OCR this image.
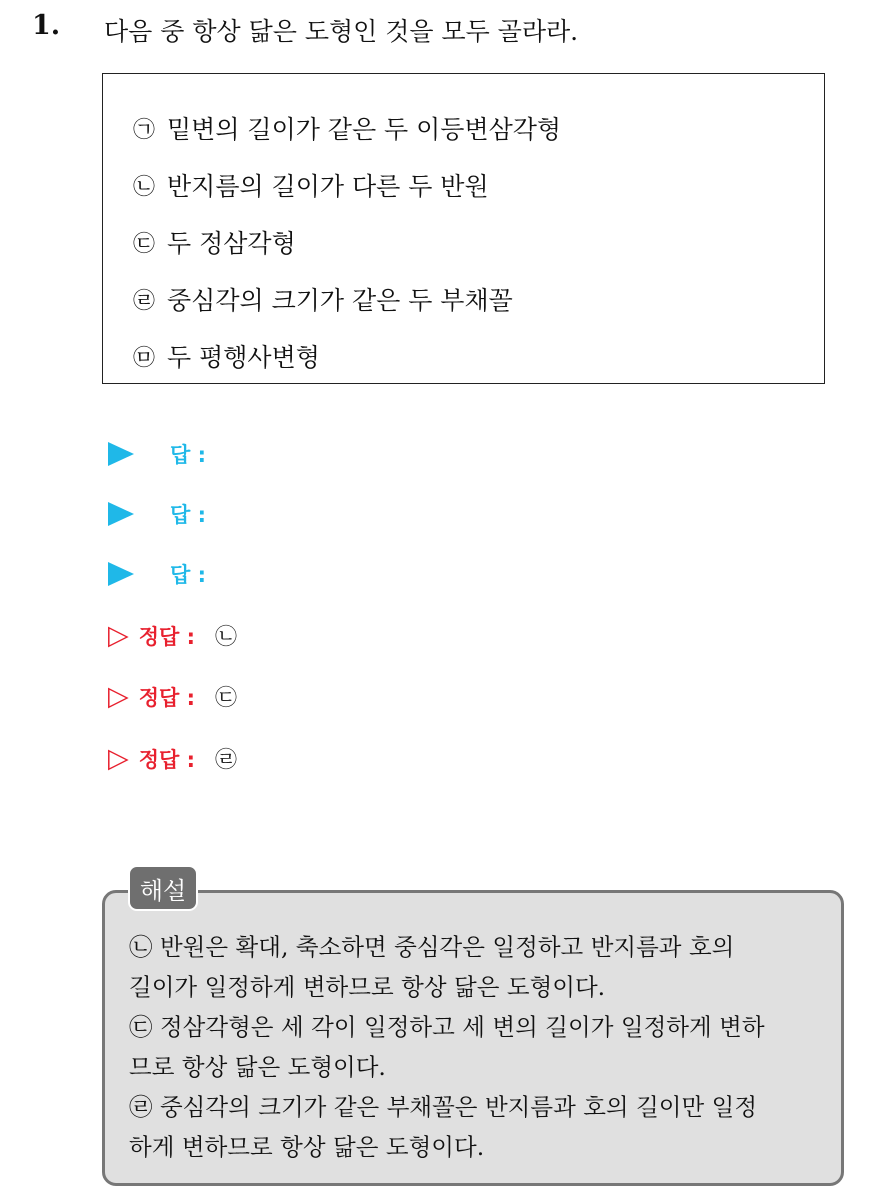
1. 다음 중 항상 닮은 도형인 것을 모두 골라라.
㉠ 밑변의 길이가 같은 두 이등변삼각형
㉡ 반지름의 길이가 다른 두 반원
㉢ 두 정삼각형
㉣ 중심각의 크기가 같은 두 부채꼴
㉤ 두 평행사변형
답 :
답 :
답 :
▷ 정답 : ㉡
▷ 정답 : ㉢
▷ 정답 : ㉣
㉡ 반원은 확대, 축소하면 중심각은 일정하고 반지름과 호의
길이가 일정하게 변하므로 항상 닮은 도형이다.
㉢ 정삼각형은 세 각이 일정하고 세 변의 길이가 일정하게 변하
므로 항상 닮은 도형이다.
㉣ 중심각의 크기가 같은 부채꼴은 반지름과 호의 길이만 일정
하게 변하므로 항상 닮은 도형이다.
해설
